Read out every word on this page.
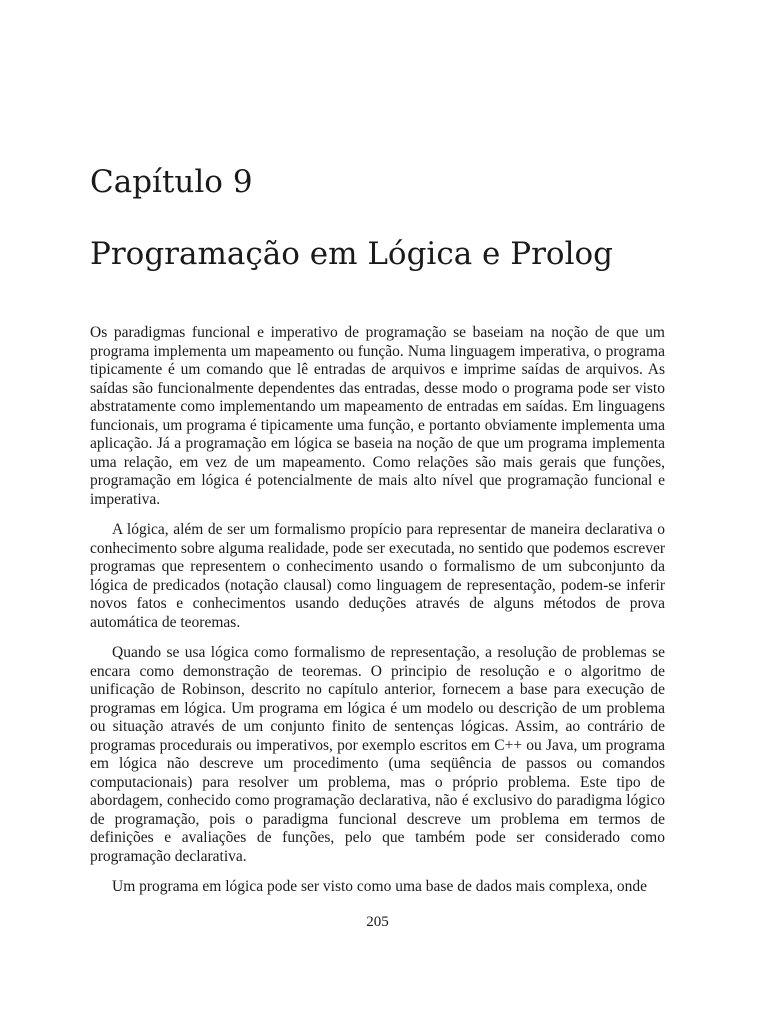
Capítulo 9
Programação em Lógica e Prolog

Os paradigmas funcional e imperativo de programação se baseiam na noção de que um programa implementa um mapeamento ou função. Numa linguagem imperativa, o programa tipicamente é um comando que lê entradas de arquivos e imprime saídas de arquivos. As saídas são funcionalmente dependentes das entradas, desse modo o programa pode ser visto abstratamente como implementando um mapeamento de entradas em saídas. Em linguagens funcionais, um programa é tipicamente uma função, e portanto obviamente implementa uma aplicação. Já a programação em lógica se baseia na noção de que um programa implementa uma relação, em vez de um mapeamento. Como relações são mais gerais que funções, programação em lógica é potencialmente de mais alto nível que programação funcional e imperativa.

A lógica, além de ser um formalismo propício para representar de maneira declarativa o conhecimento sobre alguma realidade, pode ser executada, no sentido que podemos escrever programas que representem o conhecimento usando o formalismo de um subconjunto da lógica de predicados (notação clausal) como linguagem de representação, podem-se inferir novos fatos e conhecimentos usando deduções através de alguns métodos de prova automática de teoremas.

Quando se usa lógica como formalismo de representação, a resolução de problemas se encara como demonstração de teoremas. O principio de resolução e o algoritmo de unificação de Robinson, descrito no capítulo anterior, fornecem a base para execução de programas em lógica. Um programa em lógica é um modelo ou descrição de um problema ou situação através de um conjunto finito de sentenças lógicas. Assim, ao contrário de programas procedurais ou imperativos, por exemplo escritos em C++ ou Java, um programa em lógica não descreve um procedimento (uma seqüência de passos ou comandos computacionais) para resolver um problema, mas o próprio problema. Este tipo de abordagem, conhecido como programação declarativa, não é exclusivo do paradigma lógico de programação, pois o paradigma funcional descreve um problema em termos de definições e avaliações de funções, pelo que também pode ser considerado como programação declarativa.

Um programa em lógica pode ser visto como uma base de dados mais complexa, onde

205
